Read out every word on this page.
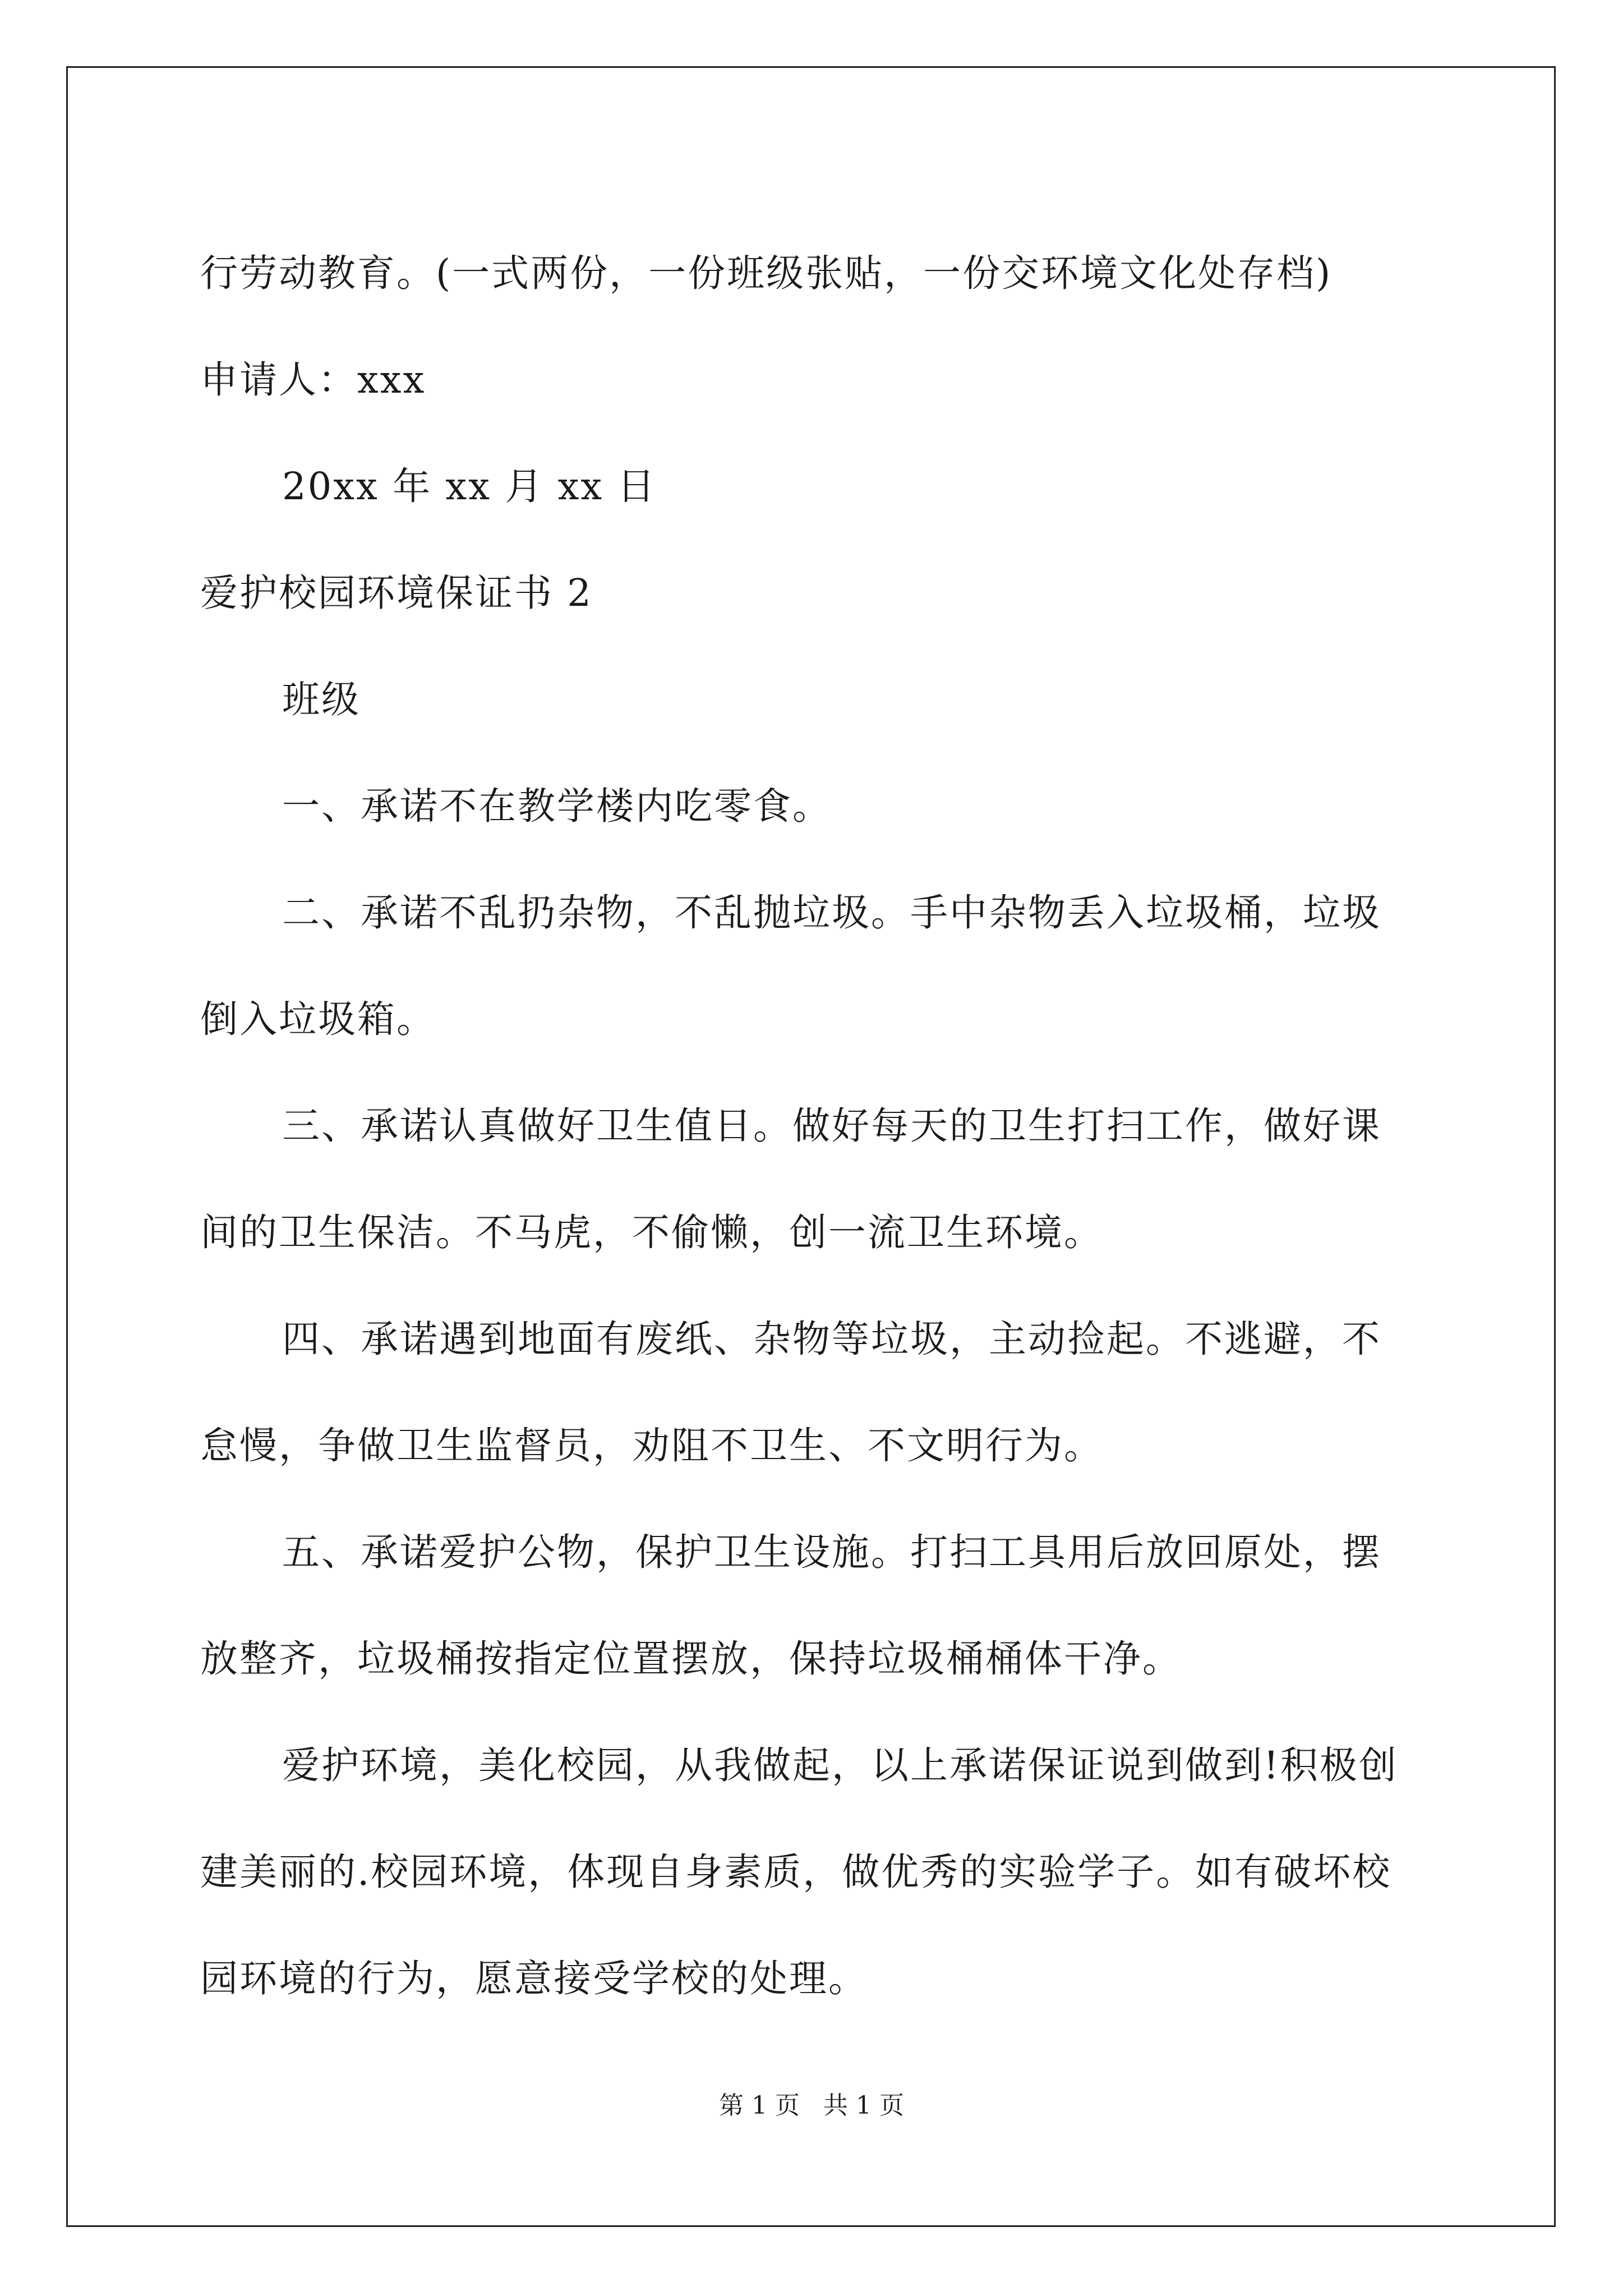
行劳动教育。(一式两份，一份班级张贴，一份交环境文化处存档)
申请人：xxx
20xx 年 xx 月 xx 日
爱护校园环境保证书 2
班级
一、承诺不在教学楼内吃零食。
二、承诺不乱扔杂物，不乱抛垃圾。手中杂物丢入垃圾桶，垃圾
倒入垃圾箱。
三、承诺认真做好卫生值日。做好每天的卫生打扫工作，做好课
间的卫生保洁。不马虎，不偷懒，创一流卫生环境。
四、承诺遇到地面有废纸、杂物等垃圾，主动捡起。不逃避，不
怠慢，争做卫生监督员，劝阻不卫生、不文明行为。
五、承诺爱护公物，保护卫生设施。打扫工具用后放回原处，摆
放整齐，垃圾桶按指定位置摆放，保持垃圾桶桶体干净。
爱护环境，美化校园，从我做起，以上承诺保证说到做到!积极创
建美丽的.校园环境，体现自身素质，做优秀的实验学子。如有破坏校
园环境的行为，愿意接受学校的处理。
第 1 页 共 1 页
